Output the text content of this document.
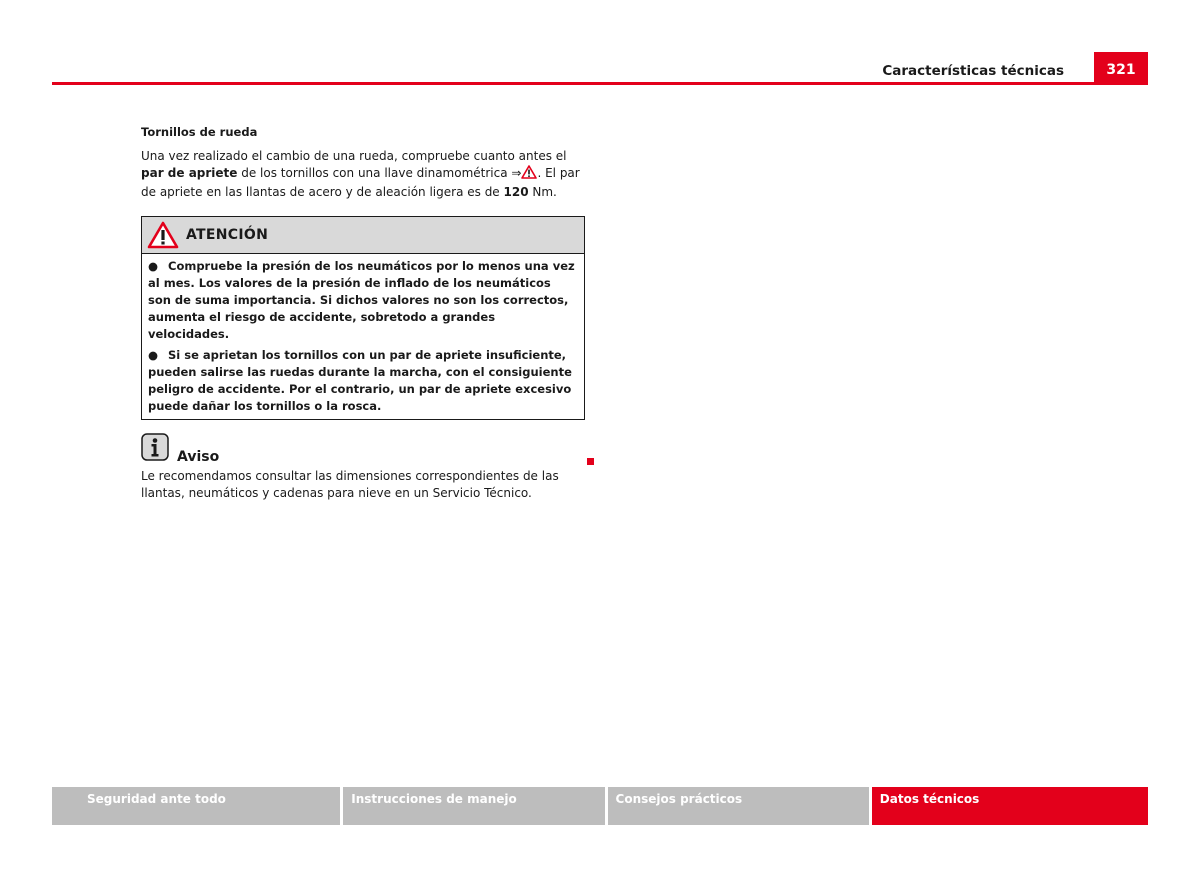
Características técnicas	321
Tornillos de rueda

Una vez realizado el cambio de una rueda, compruebe cuanto antes el par de apriete de los tornillos con una llave dinamométrica ⇒ . El par de apriete en las llantas de acero y de aleación ligera es de 120 Nm.

ATENCIÓN

● Compruebe la presión de los neumáticos por lo menos una vez al mes. Los valores de la presión de inflado de los neumáticos son de suma importancia. Si dichos valores no son los correctos, aumenta el riesgo de accidente, sobretodo a grandes velocidades.

● Si se aprietan los tornillos con un par de apriete insuficiente, pueden salirse las ruedas durante la marcha, con el consiguiente peligro de accidente. Por el contrario, un par de apriete excesivo puede dañar los tornillos o la rosca.

Aviso
Le recomendamos consultar las dimensiones correspondientes de las llantas, neumáticos y cadenas para nieve en un Servicio Técnico.
Seguridad ante todo	Instrucciones de manejo	Consejos prácticos	Datos técnicos
